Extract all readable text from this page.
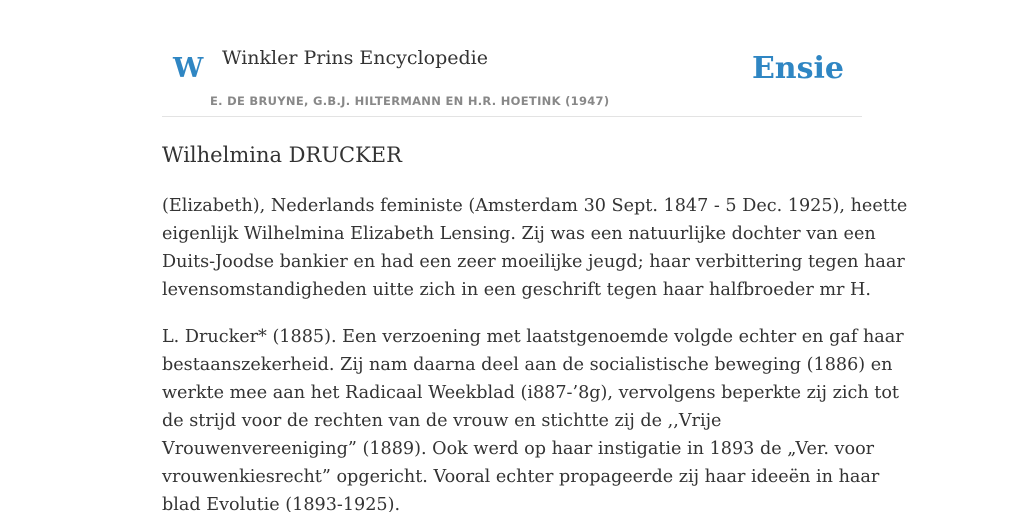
W Winkler Prins Encyclopedie
E. DE BRUYNE, G.B.J. HILTERMANN EN H.R. HOETINK (1947)
Ensie
Wilhelmina DRUCKER

(Elizabeth), Nederlands feministe (Amsterdam 30 Sept. 1847 - 5 Dec. 1925), heette
eigenlijk Wilhelmina Elizabeth Lensing. Zij was een natuurlijke dochter van een
Duits-Joodse bankier en had een zeer moeilijke jeugd; haar verbittering tegen haar
levensomstandigheden uitte zich in een geschrift tegen haar halfbroeder mr H.

L. Drucker* (1885). Een verzoening met laatstgenoemde volgde echter en gaf haar
bestaanszekerheid. Zij nam daarna deel aan de socialistische beweging (1886) en
werkte mee aan het Radicaal Weekblad (i887-’8g), vervolgens beperkte zij zich tot
de strijd voor de rechten van de vrouw en stichtte zij de ,,Vrije
Vrouwenvereeniging” (1889). Ook werd op haar instigatie in 1893 de „Ver. voor
vrouwenkiesrecht” opgericht. Vooral echter propageerde zij haar ideeën in haar
blad Evolutie (1893-1925).
